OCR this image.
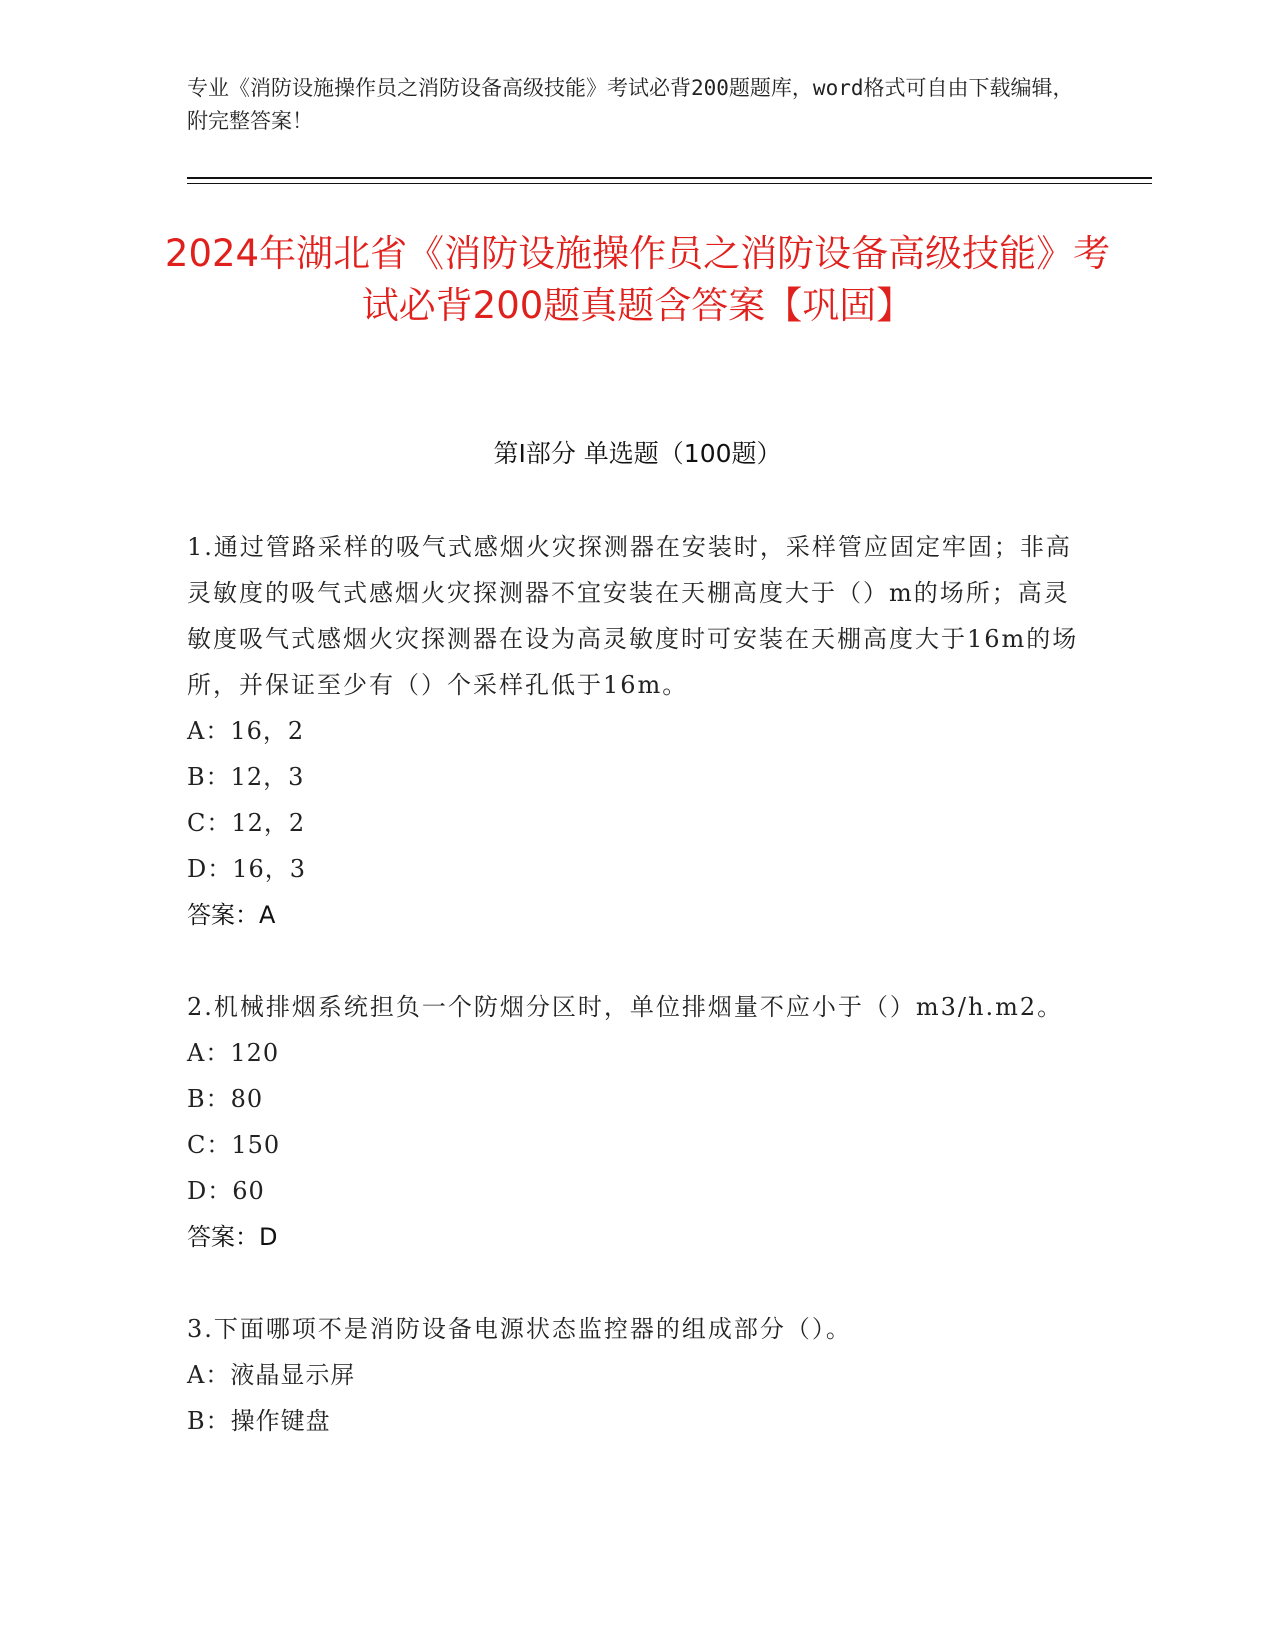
专业《消防设施操作员之消防设备高级技能》考试必背200题题库，word格式可自由下载编辑，附完整答案！
2024年湖北省《消防设施操作员之消防设备高级技能》考试必背200题真题含答案【巩固】
第I部分 单选题（100题）
1.通过管路采样的吸气式感烟火灾探测器在安装时，采样管应固定牢固；非高灵敏度的吸气式感烟火灾探测器不宜安装在天棚高度大于（）m的场所；高灵敏度吸气式感烟火灾探测器在设为高灵敏度时可安装在天棚高度大于16m的场所，并保证至少有（）个采样孔低于16m。
A：16，2
B：12，3
C：12，2
D：16，3
答案：A
2.机械排烟系统担负一个防烟分区时，单位排烟量不应小于（）m3/h.m2。
A：120
B：80
C：150
D：60
答案：D
3.下面哪项不是消防设备电源状态监控器的组成部分（）。
A：液晶显示屏
B：操作键盘
